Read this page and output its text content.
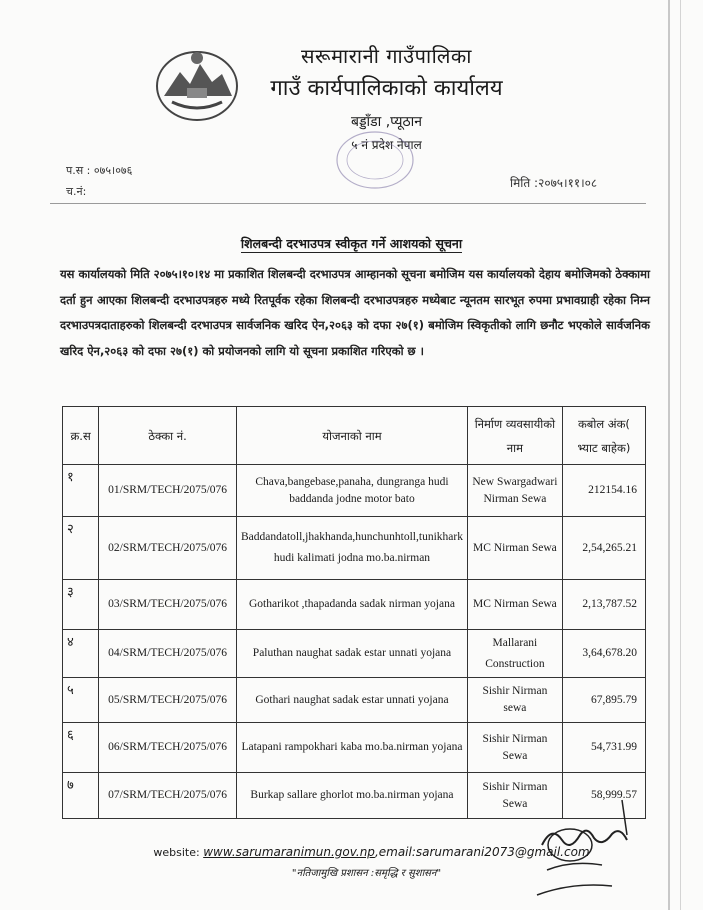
सरूमारानी गाउँपालिका
गाउँ कार्यपालिकाको कार्यालय
बड्डाँडा ,प्यूठान
५ नं प्रदेश नेपाल
प.स : ०७५।०७६
च.नं:
मिति :२०७५।११।०८
शिलबन्दी दरभाउपत्र स्वीकृत गर्ने आशयको सूचना
यस कार्यालयको मिति २०७५।१०।१४ मा प्रकाशित शिलबन्दी दरभाउपत्र आम्हानको सूचना बमोजिम यस कार्यालयको देहाय बमोजिमको ठेक्कामा दर्ता हुन आएका शिलबन्दी दरभाउपत्रहरु मध्ये रितपूर्वक रहेका शिलबन्दी दरभाउपत्रहरु मध्येबाट न्यूनतम सारभूत रुपमा प्रभावग्राही रहेका निम्न दरभाउपत्रदाताहरुको शिलबन्दी दरभाउपत्र सार्वजनिक खरिद ऐन,२०६३ को दफा २७(१) बमोजिम स्विकृतीको लागि छनौट भएकोले सार्वजनिक खरिद ऐन,२०६३ को दफा २७(१) को प्रयोजनको लागि यो सूचना प्रकाशित गरिएको छ ।
क्र.स	ठेक्का नं.	योजनाको नाम	निर्माण व्यवसायीको नाम	कबोल अंक( भ्याट बाहेक)
१	01/SRM/TECH/2075/076	Chava,bangebase,panaha, dungranga hudi baddanda jodne motor bato	New Swargadwari Nirman Sewa	212154.16
२	02/SRM/TECH/2075/076	Baddandatoll,jhakhanda,hunchunhtoll,tunikhark hudi kalimati jodna mo.ba.nirman	MC Nirman Sewa	2,54,265.21
३	03/SRM/TECH/2075/076	Gotharikot ,thapadanda sadak nirman yojana	MC Nirman Sewa	2,13,787.52
४	04/SRM/TECH/2075/076	Paluthan naughat sadak estar unnati yojana	Mallarani Construction	3,64,678.20
५	05/SRM/TECH/2075/076	Gothari naughat sadak estar unnati yojana	Sishir Nirman sewa	67,895.79
६	06/SRM/TECH/2075/076	Latapani rampokhari kaba mo.ba.nirman yojana	Sishir Nirman Sewa	54,731.99
७	07/SRM/TECH/2075/076	Burkap sallare ghorlot mo.ba.nirman yojana	Sishir Nirman Sewa	58,999.57
website: www.sarumaranimun.gov.np,email:sarumarani2073@gmail.com
"नतिजामुखि प्रशासन :समृद्धि र सुशासन"
